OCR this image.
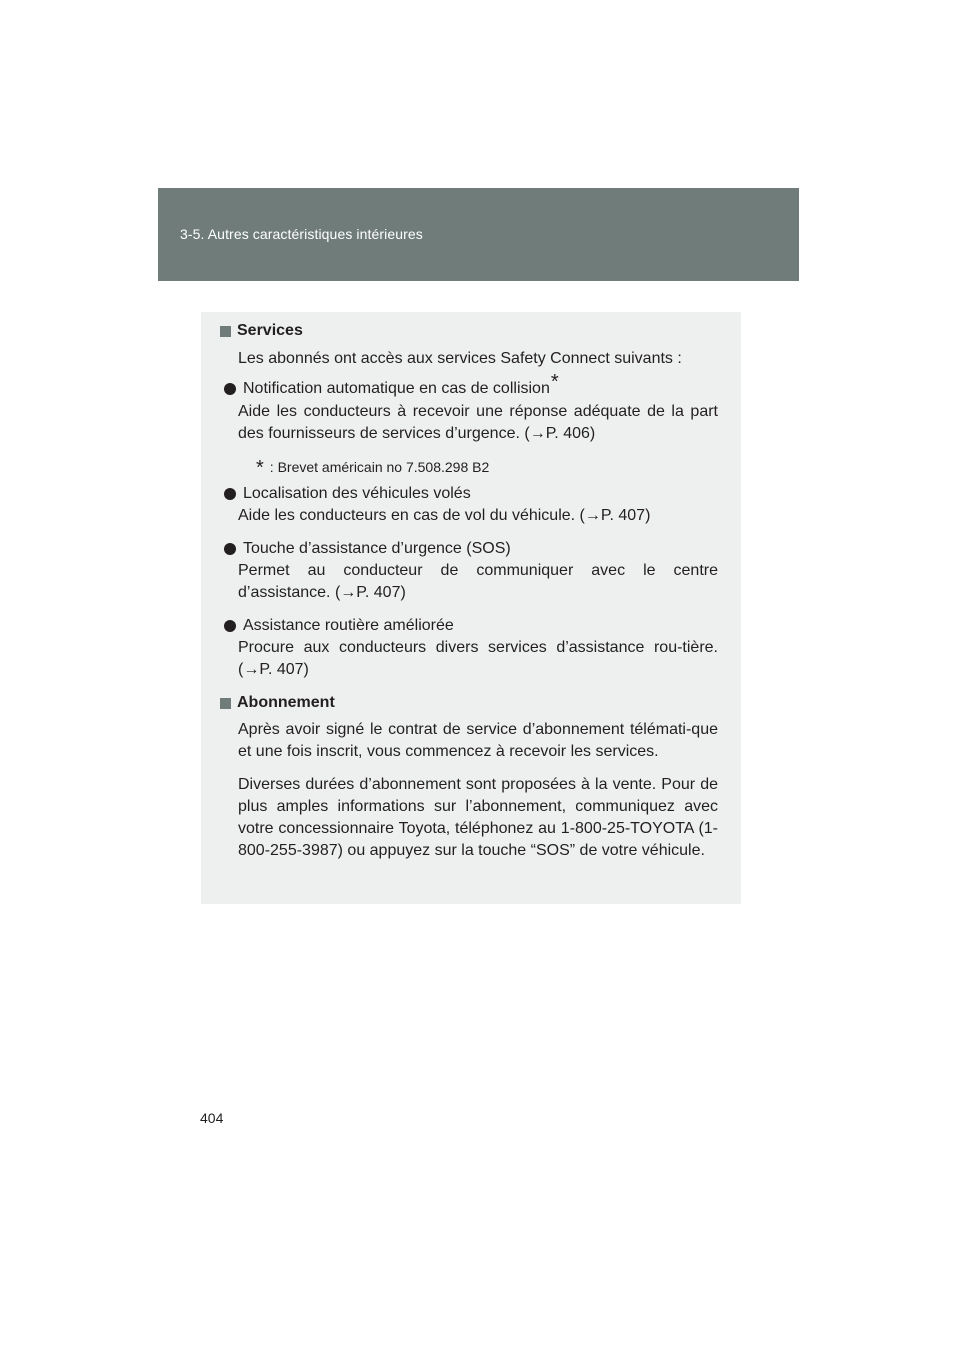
3-5. Autres caractéristiques intérieures
Services

Les abonnés ont accès aux services Safety Connect suivants :

Notification automatique en cas de collision *

Aide les conducteurs à recevoir une réponse adéquate de la part des fournisseurs de services d’urgence. (→P. 406)

* : Brevet américain no 7.508.298 B2
Localisation des véhicules volés

Aide les conducteurs en cas de vol du véhicule. (→P. 407)

Touche d’assistance d’urgence (SOS)

Permet au conducteur de communiquer avec le centre d’assistance. (→P. 407)

Assistance routière améliorée

Procure aux conducteurs divers services d’assistance rou-tière. (→P. 407)

Abonnement

Après avoir signé le contrat de service d’abonnement télémati-que et une fois inscrit, vous commencez à recevoir les services.

Diverses durées d’abonnement sont proposées à la vente. Pour de plus amples informations sur l’abonnement, communiquez avec votre concessionnaire Toyota, téléphonez au 1-800-25-TOYOTA (1-800-255-3987) ou appuyez sur la touche “SOS” de votre véhicule.

404
